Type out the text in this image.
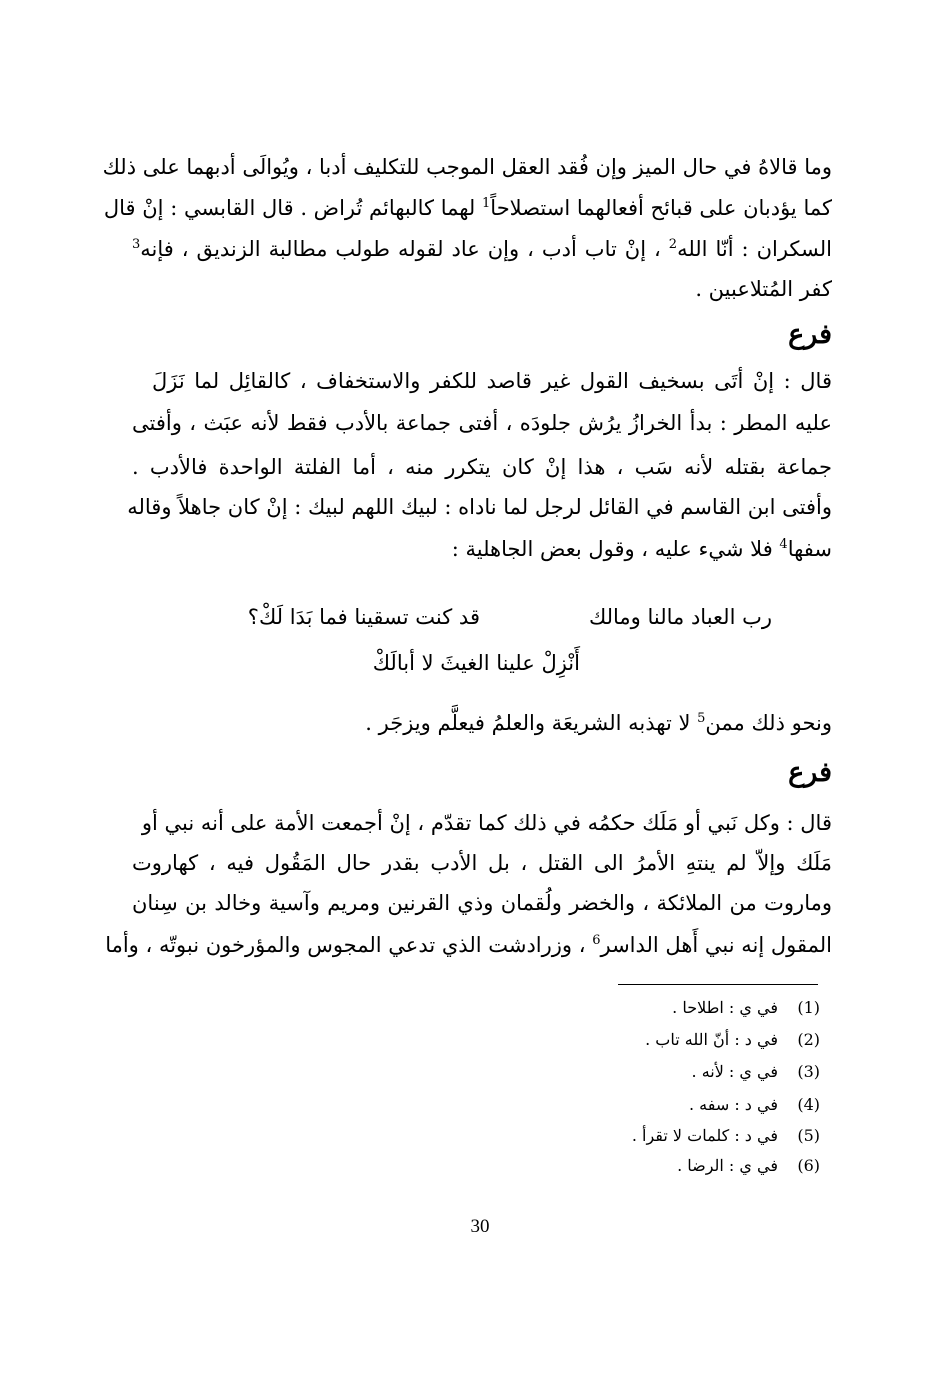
وما قالاهُ في حال الميز وإن فُقد العقل الموجب للتكليف أدبا ، ويُوالَى أدبهما على ذلك
كما يؤدبان على قبائح أفعالهما استصلاحاً$^1$ لهما كالبهائم تُراض . قال القابسي : إنْ قال
السكران : أنّا الله$^2$ ، إنْ تاب أدب ، وإن عاد لقوله طولب مطالبة الزنديق ، فإنه$^3$
كفر المُتلاعبين .
فرع
قال : إنْ أتَى بسخيف القول غير قاصد للكفر والاستخفاف ، كالقائِل لما نَزَلَ
عليه المطر : بدأ الخرازُ يرُش جلودَه ، أفتى جماعة بالأدب فقط لأنه عبَث ، وأفتى
جماعة بقتله لأنه سَب ، هذا إنْ كان يتكرر منه ، أما الفلتة الواحدة فالأدب .
وأفتى ابن القاسم في القائل لرجل لما ناداه : لبيك اللهم لبيك : إنْ كان جاهلاً وقاله
سفها$^4$ فلا شيء عليه ، وقول بعض الجاهلية :
رب العباد مالنا ومالك
قد كنت تسقينا فما بَدَا لَكْ؟
أَنْزِلْ علينا الغيثَ لا أبالَكْ
ونحو ذلك ممن$^5$ لا تهذبه الشريعَة والعلمُ فيعلَّم ويزجَر .
فرع
قال : وكل نَبي أو مَلَك حكمُه في ذلك كما تقدّم ، إنْ أجمعت الأمة على أنه نبي أو
مَلَك وإلاّ لم ينتهِ الأمرُ الى القتل ، بل الأدب بقدر حال المَقُول فيه ، كهاروت
وماروت من الملائكة ، والخضر ولُقمان وذي القرنين ومريم وآسية وخالد بن سِنان
المقول إنه نبي أَهل الداسر$^6$ ، وزرادشت الذي تدعي المجوس والمؤرخون نبوتّه ، وأما
(1)في ي : اطلاحا .
(2)في د : أنّ الله تاب .
(3)في ي : لأنه .
(4)في د : سفه .
(5)في د : كلمات لا تقرأ .
(6)في ي : الرضا .
30
